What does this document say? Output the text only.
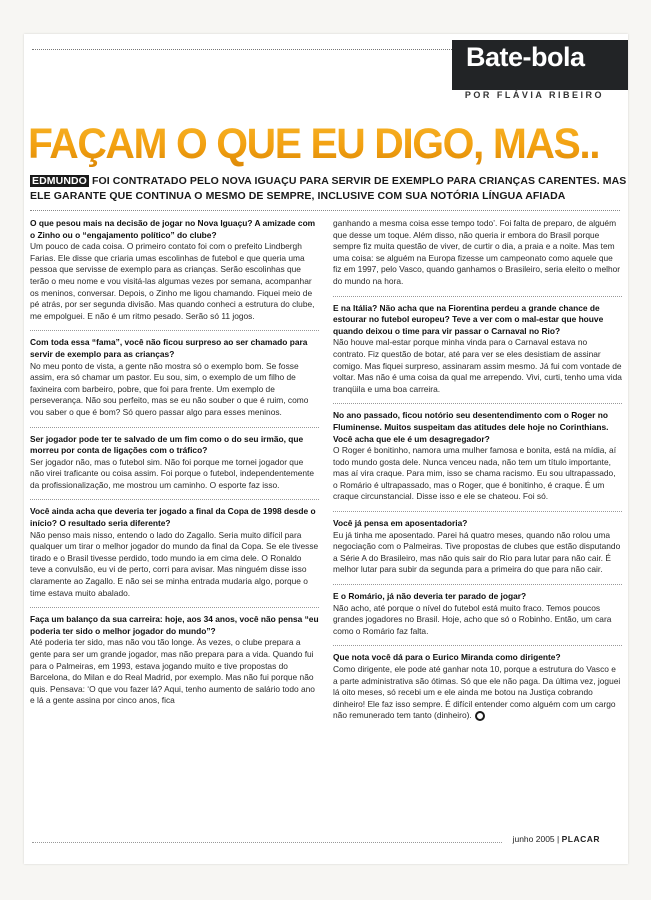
Bate-bola
POR FLÁVIA RIBEIRO
FAÇAM O QUE EU DIGO, MAS...
EDMUNDO FOI CONTRATADO PELO NOVA IGUAÇU PARA SERVIR DE EXEMPLO PARA CRIANÇAS CARENTES. MAS ELE GARANTE QUE CONTINUA O MESMO DE SEMPRE, INCLUSIVE COM SUA NOTÓRIA LÍNGUA AFIADA

O que pesou mais na decisão de jogar no Nova Iguaçu? A amizade com o Zinho ou o “engajamento político” do clube?

Um pouco de cada coisa. O primeiro contato foi com o prefeito Lindbergh Farias. Ele disse que criaria umas escolinhas de futebol e que queria uma pessoa que servisse de exemplo para as crianças. Serão escolinhas que terão o meu nome e vou visitá-las algumas vezes por semana, acompanhar os meninos, conversar. Depois, o Zinho me ligou chamando. Fiquei meio de pé atrás, por ser segunda divisão. Mas quando conheci a estrutura do clube, me empolguei. E não é um ritmo pesado. Serão só 11 jogos.

Com toda essa “fama”, você não ficou surpreso ao ser chamado para servir de exemplo para as crianças?

No meu ponto de vista, a gente não mostra só o exemplo bom. Se fosse assim, era só chamar um pastor. Eu sou, sim, o exemplo de um filho de faxineira com barbeiro, pobre, que foi para frente. Um exemplo de perseverança. Não sou perfeito, mas se eu não souber o que é ruim, como vou saber o que é bom? Só quero passar algo para esses meninos.

Ser jogador pode ter te salvado de um fim como o do seu irmão, que morreu por conta de ligações com o tráfico?

Ser jogador não, mas o futebol sim. Não foi porque me tornei jogador que não virei traficante ou coisa assim. Foi porque o futebol, independentemente da profissionalização, me mostrou um caminho. O esporte faz isso.

Você ainda acha que deveria ter jogado a final da Copa de 1998 desde o início? O resultado seria diferente?

Não penso mais nisso, entendo o lado do Zagallo. Seria muito difícil para qualquer um tirar o melhor jogador do mundo da final da Copa. Se ele tivesse tirado e o Brasil tivesse perdido, todo mundo ia em cima dele. O Ronaldo teve a convulsão, eu vi de perto, corri para avisar. Mas ninguém disse isso claramente ao Zagallo. E não sei se minha entrada mudaria algo, porque o time estava muito abalado.

Faça um balanço da sua carreira: hoje, aos 34 anos, você não pensa “eu poderia ter sido o melhor jogador do mundo”?

Até poderia ter sido, mas não vou tão longe. Às vezes, o clube prepara a gente para ser um grande jogador, mas não prepara para a vida. Quando fui para o Palmeiras, em 1993, estava jogando muito e tive propostas do Barcelona, do Milan e do Real Madrid, por exemplo. Mas não fui porque não quis. Pensava: ‘O que vou fazer lá? Aqui, tenho aumento de salário todo ano e lá a gente assina por cinco anos, fica

ganhando a mesma coisa esse tempo todo’. Foi falta de preparo, de alguém que desse um toque. Além disso, não queria ir embora do Brasil porque sempre fiz muita questão de viver, de curtir o dia, a praia e a noite. Mas tem uma coisa: se alguém na Europa fizesse um campeonato como aquele que fiz em 1997, pelo Vasco, quando ganhamos o Brasileiro, seria eleito o melhor do mundo na hora.

E na Itália? Não acha que na Fiorentina perdeu a grande chance de estourar no futebol europeu? Teve a ver com o mal-estar que houve quando deixou o time para vir passar o Carnaval no Rio?

Não houve mal-estar porque minha vinda para o Carnaval estava no contrato. Fiz questão de botar, até para ver se eles desistiam de assinar comigo. Mas fiquei surpreso, assinaram assim mesmo. Já fui com vontade de voltar. Mas não é uma coisa da qual me arrependo. Vivi, curti, tenho uma vida tranqüila e uma boa carreira.

No ano passado, ficou notório seu desentendimento com o Roger no Fluminense. Muitos suspeitam das atitudes dele hoje no Corinthians. Você acha que ele é um desagregador?

O Roger é bonitinho, namora uma mulher famosa e bonita, está na mídia, aí todo mundo gosta dele. Nunca venceu nada, não tem um título importante, mas aí vira craque. Para mim, isso se chama racismo. Eu sou ultrapassado, o Romário é ultrapassado, mas o Roger, que é bonitinho, é craque. É um craque circunstancial. Disse isso e ele se chateou. Foi só.

Você já pensa em aposentadoria?

Eu já tinha me aposentado. Parei há quatro meses, quando não rolou uma negociação com o Palmeiras. Tive propostas de clubes que estão disputando a Série A do Brasileiro, mas não quis sair do Rio para lutar para não cair. É melhor lutar para subir da segunda para a primeira do que para não cair.

E o Romário, já não deveria ter parado de jogar?

Não acho, até porque o nível do futebol está muito fraco. Temos poucos grandes jogadores no Brasil. Hoje, acho que só o Robinho. Então, um cara como o Romário faz falta.

Que nota você dá para o Eurico Miranda como dirigente?

Como dirigente, ele pode até ganhar nota 10, porque a estrutura do Vasco e a parte administrativa são ótimas. Só que ele não paga. Da última vez, joguei lá oito meses, só recebi um e ele ainda me botou na Justiça cobrando dinheiro! Ele faz isso sempre. É difícil entender como alguém com um cargo não remunerado tem tanto (dinheiro).

junho 2005 | PLACAR
